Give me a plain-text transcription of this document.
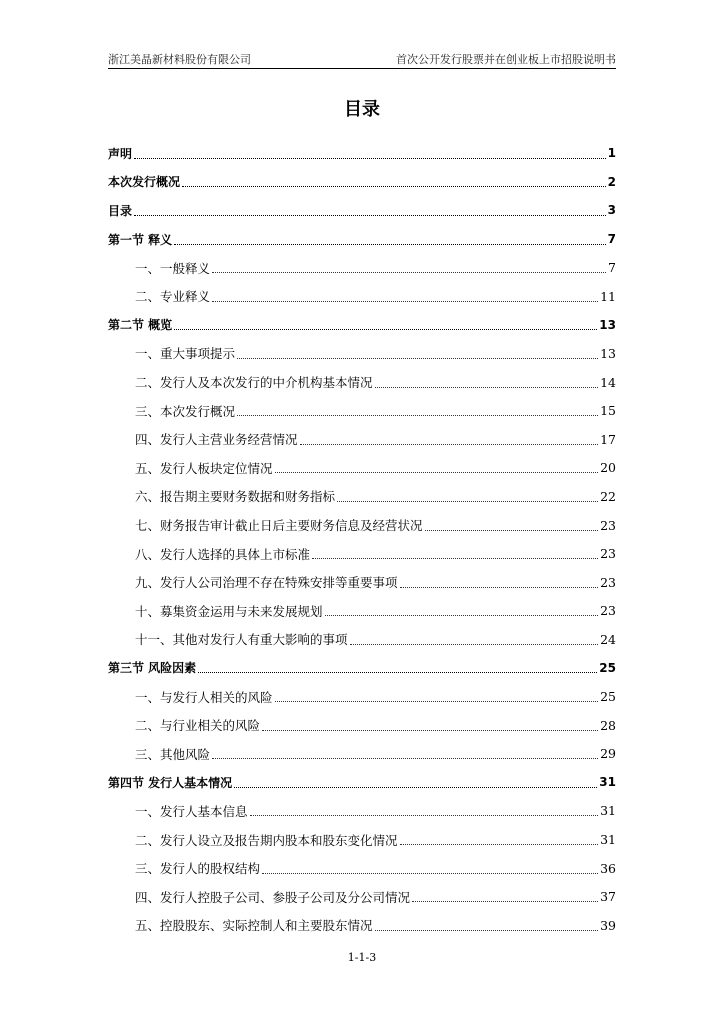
浙江美晶新材料股份有限公司	首次公开发行股票并在创业板上市招股说明书
目录
声明	1
本次发行概况	2
目录	3
第一节 释义	7
一、一般释义	7
二、专业释义	11
第二节 概览	13
一、重大事项提示	13
二、发行人及本次发行的中介机构基本情况	14
三、本次发行概况	15
四、发行人主营业务经营情况	17
五、发行人板块定位情况	20
六、报告期主要财务数据和财务指标	22
七、财务报告审计截止日后主要财务信息及经营状况	23
八、发行人选择的具体上市标准	23
九、发行人公司治理不存在特殊安排等重要事项	23
十、募集资金运用与未来发展规划	23
十一、其他对发行人有重大影响的事项	24
第三节 风险因素	25
一、与发行人相关的风险	25
二、与行业相关的风险	28
三、其他风险	29
第四节 发行人基本情况	31
一、发行人基本信息	31
二、发行人设立及报告期内股本和股东变化情况	31
三、发行人的股权结构	36
四、发行人控股子公司、参股子公司及分公司情况	37
五、控股股东、实际控制人和主要股东情况	39
1-1-3
